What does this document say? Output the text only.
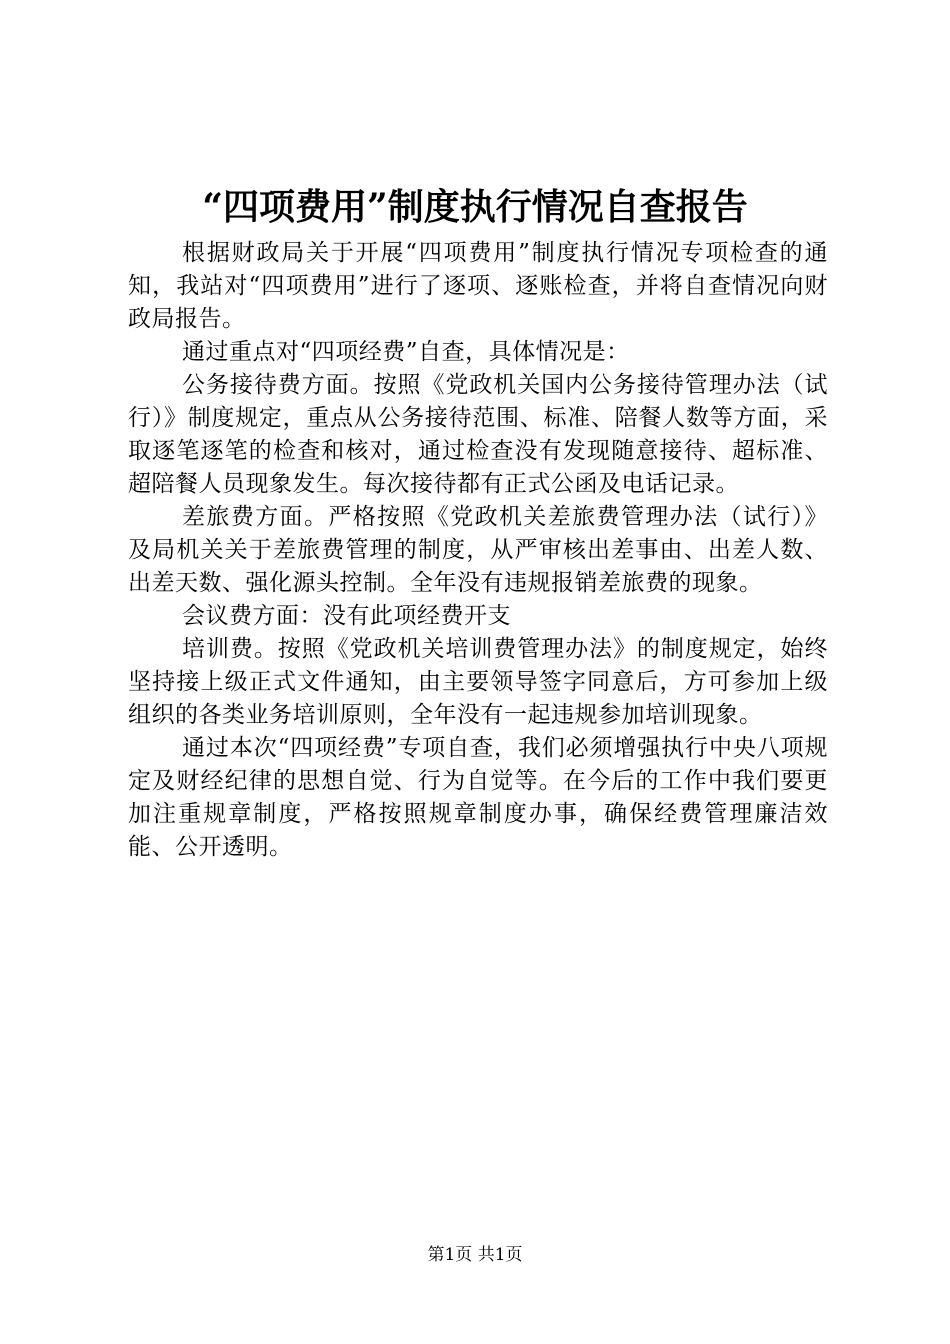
“四项费用”制度执行情况自查报告

根据财政局关于开展“四项费用”制度执行情况专项检查的通知，我站对“四项费用”进行了逐项、逐账检查，并将自查情况向财政局报告。

通过重点对“四项经费”自查，具体情况是：

公务接待费方面。按照《党政机关国内公务接待管理办法（试行）》制度规定，重点从公务接待范围、标准、陪餐人数等方面，采取逐笔逐笔的检查和核对，通过检查没有发现随意接待、超标准、超陪餐人员现象发生。每次接待都有正式公函及电话记录。

差旅费方面。严格按照《党政机关差旅费管理办法（试行）》及局机关关于差旅费管理的制度，从严审核出差事由、出差人数、出差天数、强化源头控制。全年没有违规报销差旅费的现象。

会议费方面：没有此项经费开支

培训费。按照《党政机关培训费管理办法》的制度规定，始终坚持接上级正式文件通知，由主要领导签字同意后，方可参加上级组织的各类业务培训原则，全年没有一起违规参加培训现象。

通过本次“四项经费”专项自查，我们必须增强执行中央八项规定及财经纪律的思想自觉、行为自觉等。在今后的工作中我们要更加注重规章制度，严格按照规章制度办事，确保经费管理廉洁效能、公开透明。

第1页 共1页
